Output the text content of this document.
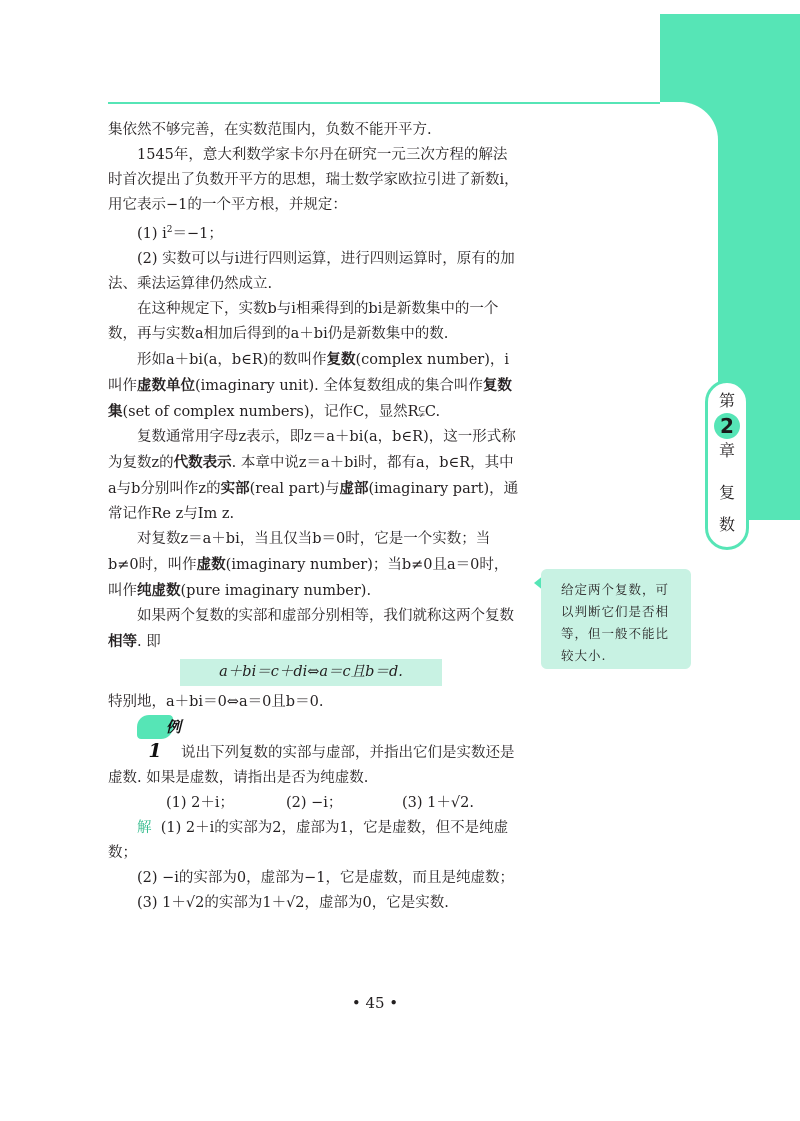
第
2
章
复
数

集依然不够完善，在实数范围内，负数不能开平方.

1545年，意大利数学家卡尔丹在研究一元三次方程的解法时首次提出了负数开平方的思想，瑞士数学家欧拉引进了新数i，用它表示−1的一个平方根，并规定：

(1) $i^2=-1$；

(2) 实数可以与i进行四则运算，进行四则运算时，原有的加法、乘法运算律仍然成立.

在这种规定下，实数b与i相乘得到的bi是新数集中的一个数，再与实数a相加后得到的a＋bi仍是新数集中的数.

形如a＋bi(a，b∈R)的数叫作复数(complex number)，i叫作虚数单位(imaginary unit). 全体复数组成的集合叫作复数集(set of complex numbers)，记作C，显然R⫋C.

复数通常用字母z表示，即z＝a＋bi(a，b∈R)，这一形式称为复数z的代数表示. 本章中说z＝a＋bi时，都有a，b∈R，其中a与b分别叫作z的实部(real part)与虚部(imaginary part)，通常记作Re z与Im z.

对复数z＝a＋bi，当且仅当b＝0时，它是一个实数；当b≠0时，叫作虚数(imaginary number)；当b≠0且a＝0时，叫作纯虚数(pure imaginary number).

如果两个复数的实部和虚部分别相等，我们就称这两个复数相等. 即

a＋bi＝c＋di⇔a＝c且b＝d.

特别地，a＋bi＝0⇔a＝0且b＝0.

例1 说出下列复数的实部与虚部，并指出它们是实数还是虚数. 如果是虚数，请指出是否为纯虚数.

(1) 2＋i；	(2) −i；	(3) 1＋√2.

解 (1) 2＋i的实部为2，虚部为1，它是虚数，但不是纯虚数；

(2) −i的实部为0，虚部为−1，它是虚数，而且是纯虚数；

(3) 1＋√2的实部为1＋√2，虚部为0，它是实数.

给定两个复数，可以判断它们是否相等，但一般不能比较大小.
• 45 •
